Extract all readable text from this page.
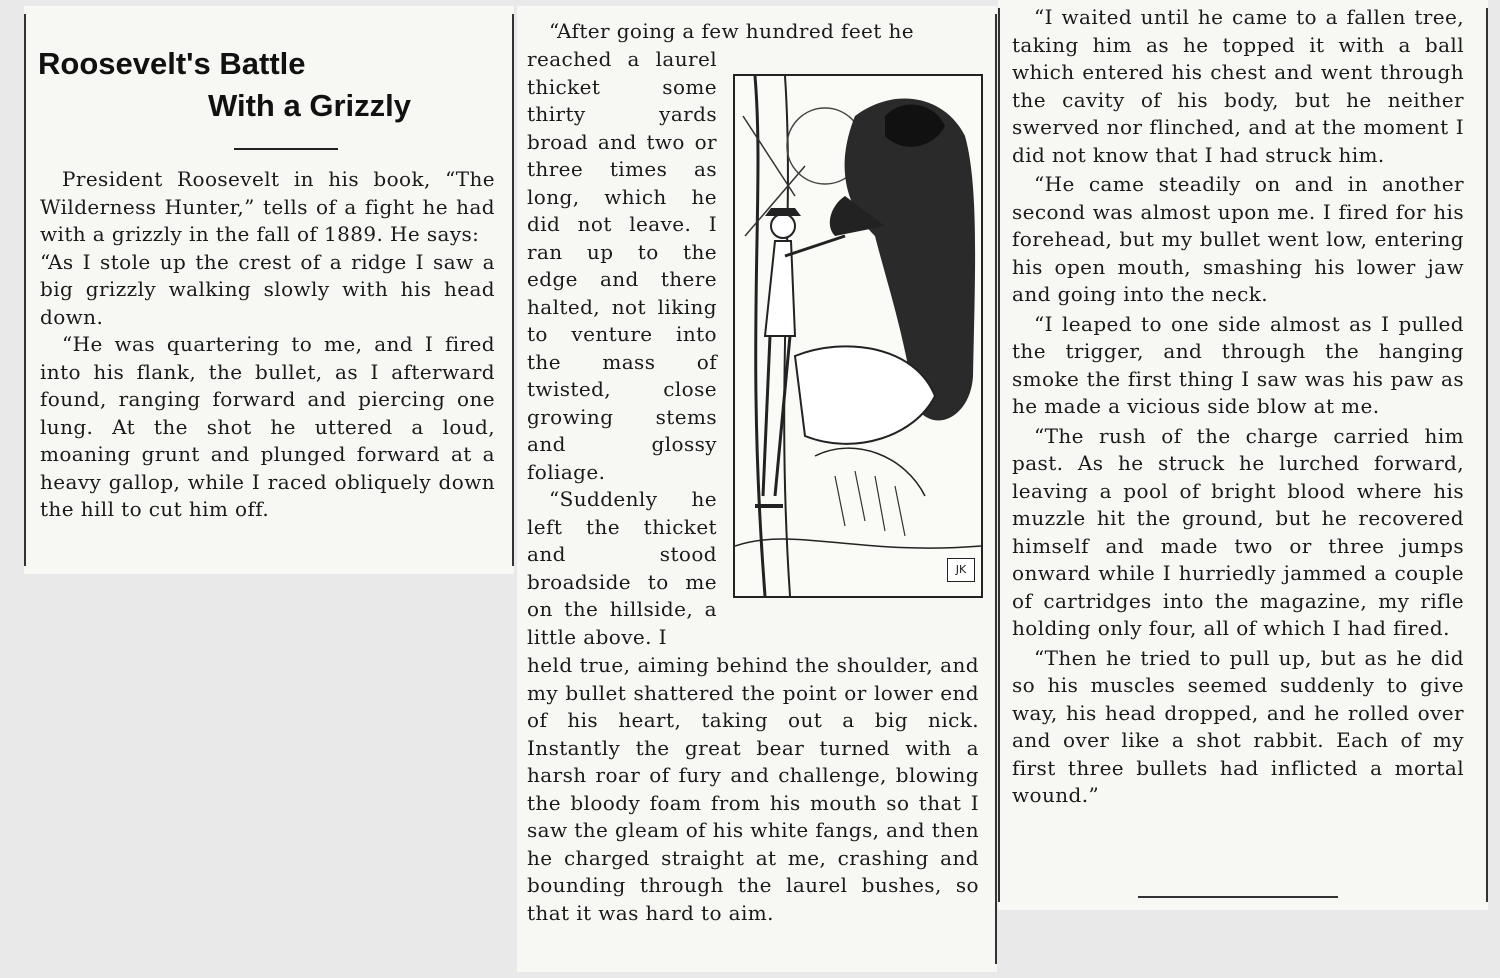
Roosevelt's Battle
With a Grizzly
President Roosevelt in his book, “The Wilderness Hunter,” tells of a fight he had with a grizzly in the fall of 1889. He says:
“As I stole up the crest of a ridge I saw a big grizzly walking slowly with his head down.
“He was quartering to me, and I fired into his flank, the bullet, as I afterward found, ranging forward and piercing one lung. At the shot he uttered a loud, moaning grunt and plunged forward at a heavy gallop, while I raced obliquely down the hill to cut him off.
“After going a few hundred feet he
reached a laurel thicket some thirty yards broad and two or three times as long, which he did not leave. I ran up to the edge and there halted, not liking to venture into the mass of twisted, close growing stems and glossy foliage.
“Suddenly he left the thicket and stood broadside to me on the hillside, a little above. I
JK
held true, aiming behind the shoulder, and my bullet shattered the point or lower end of his heart, taking out a big nick. Instantly the great bear turned with a harsh roar of fury and challenge, blowing the bloody foam from his mouth so that I saw the gleam of his white fangs, and then he charged straight at me, crashing and bounding through the laurel bushes, so that it was hard to aim.
“I waited until he came to a fallen tree, taking him as he topped it with a ball which entered his chest and went through the cavity of his body, but he neither swerved nor flinched, and at the moment I did not know that I had struck him.
“He came steadily on and in another second was almost upon me. I fired for his forehead, but my bullet went low, entering his open mouth, smashing his lower jaw and going into the neck.
“I leaped to one side almost as I pulled the trigger, and through the hanging smoke the first thing I saw was his paw as he made a vicious side blow at me.
“The rush of the charge carried him past. As he struck he lurched forward, leaving a pool of bright blood where his muzzle hit the ground, but he recovered himself and made two or three jumps onward while I hurriedly jammed a couple of cartridges into the magazine, my rifle holding only four, all of which I had fired.
“Then he tried to pull up, but as he did so his muscles seemed suddenly to give way, his head dropped, and he rolled over and over like a shot rabbit. Each of my first three bullets had inflicted a mortal wound.”
